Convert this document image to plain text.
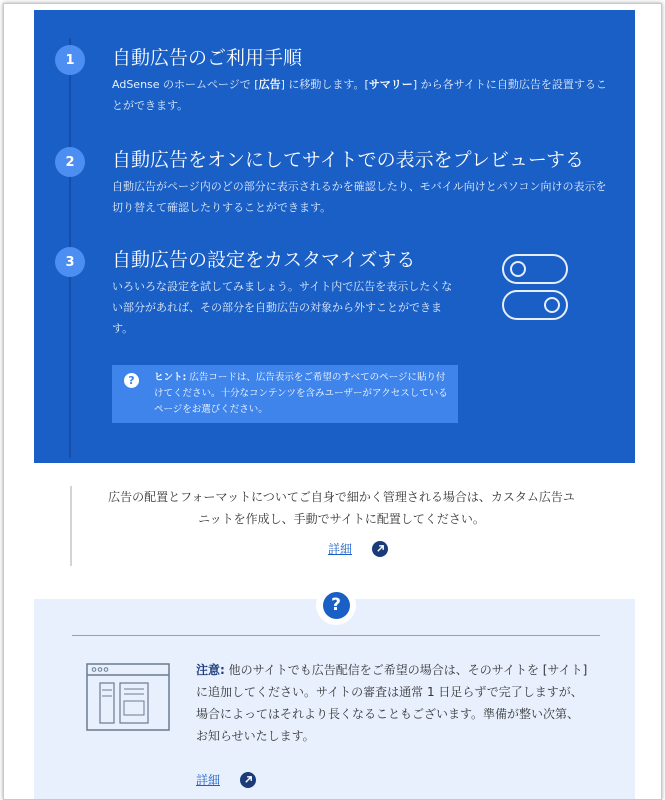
1	自動広告のご利用手順
AdSense のホームページで [広告] に移動します。[サマリー] から各サイトに自動広告を設置することができます。
2	自動広告をオンにしてサイトでの表示をプレビューする
自動広告がページ内のどの部分に表示されるかを確認したり、モバイル向けとパソコン向けの表示を切り替えて確認したりすることができます。
3	自動広告の設定をカスタマイズする
いろいろな設定を試してみましょう。サイト内で広告を表示したくない部分があれば、その部分を自動広告の対象から外すことができます。
?	ヒント: 広告コードは、広告表示をご希望のすべてのページに貼り付けてください。十分なコンテンツを含みユーザーがアクセスしているページをお選びください。
広告の配置とフォーマットについてご自身で細かく管理される場合は、カスタム広告ユニットを作成し、手動でサイトに配置してください。
詳細
?
注意: 他のサイトでも広告配信をご希望の場合は、そのサイトを [サイト] に追加してください。サイトの審査は通常 1 日足らずで完了しますが、場合によってはそれより長くなることもございます。準備が整い次第、お知らせいたします。
詳細
